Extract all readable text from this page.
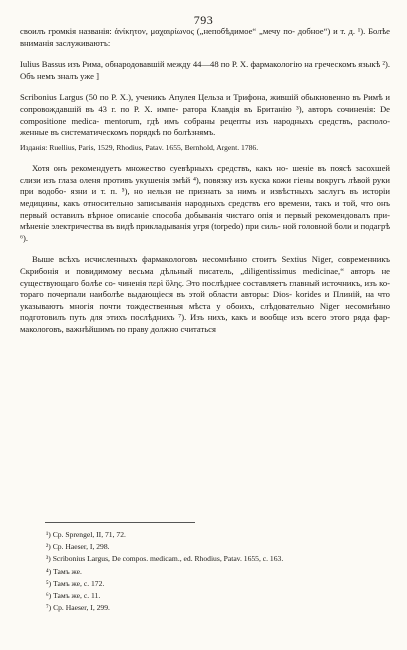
793

своилъ громкія названія: ἀνίκητον, μαχαιρίωνος („непобѣдимое“ „мечу по- добное“) и т. д. ¹). Болѣе вниманія заслуживаютъ:

Iulius Bassus изъ Рима, обнародовавшій между 44—48 по Р. Х. фармакологію на греческомъ языкѣ ²). Объ немъ зналъ уже ]

Scribonius Largus (50 по Р. Х.), ученикъ Апулея Цельза и Трифона, жившій обыкновенно въ Римѣ и сопровождавшій въ 43 г. по Р. Х. импе- ратора Клавдія въ Британію ³), авторъ сочиненія: De compositione medica- mentorum, гдѣ имъ собраны рецепты изъ народныхъ средствъ, располо- женные въ систематическомъ порядкѣ по болѣзнямъ.

Изданія: Ruellius, Paris, 1529, Rhodius, Patav. 1655, Bernhold, Argent. 1786.

Хотя онъ рекомендуетъ множество суевѣрныхъ средствъ, какъ но- шеніе въ поясѣ засохшей слизи изъ глаза оленя противъ укушенія змѣй ⁴), повязку изъ куска кожи гіены вокругъ лѣвой руки при водобо- язни и т. п. ⁵), но нельзя не признать за нимъ и извѣстныхъ заслугъ въ исторіи медицины, какъ относительно записыванія народныхъ средствъ его времени, такъ и той, что онъ первый оставилъ вѣрное описаніе способа добыванія чистаго опія и первый рекомендовалъ при- мѣненіе электричества въ видѣ прикладыванія угря (torpedo) при силь- ной головной боли и подагрѣ ⁶).

Выше всѣхъ исчисленныхъ фармакологовъ несомнѣнно стоитъ Sextius Niger, современникъ Скрибонія и повидимому весьма дѣльный писатель, „diligentissimus medicinae,“ авторъ не существующаго болѣе со- чиненія περὶ ὕλης. Это послѣднее составляетъ главный источникъ, изъ ко- тораго почерпали наиболѣе выдающіеся въ этой области авторы: Dios- korides и Плиній, на что указываютъ многія почти тождественныя мѣста у обоихъ, слѣдовательно Niger несомнѣнно подготовилъ путь для этихъ послѣднихъ ⁷). Изъ нихъ, какъ и вообще изъ всего этого ряда фар- макологовъ, важнѣйшимъ по праву должно считаться

¹) Ср. Sprengel, II, 71, 72.
²) Ср. Haeser, I, 298.
³) Scribonius Largus, De compos. medicam., ed. Rhodius, Patav. 1655, с. 163.
⁴) Тамъ же.
⁵) Тамъ же, с. 172.
⁶) Тамъ же, с. 11.
⁷) Ср. Haeser, I, 299.
